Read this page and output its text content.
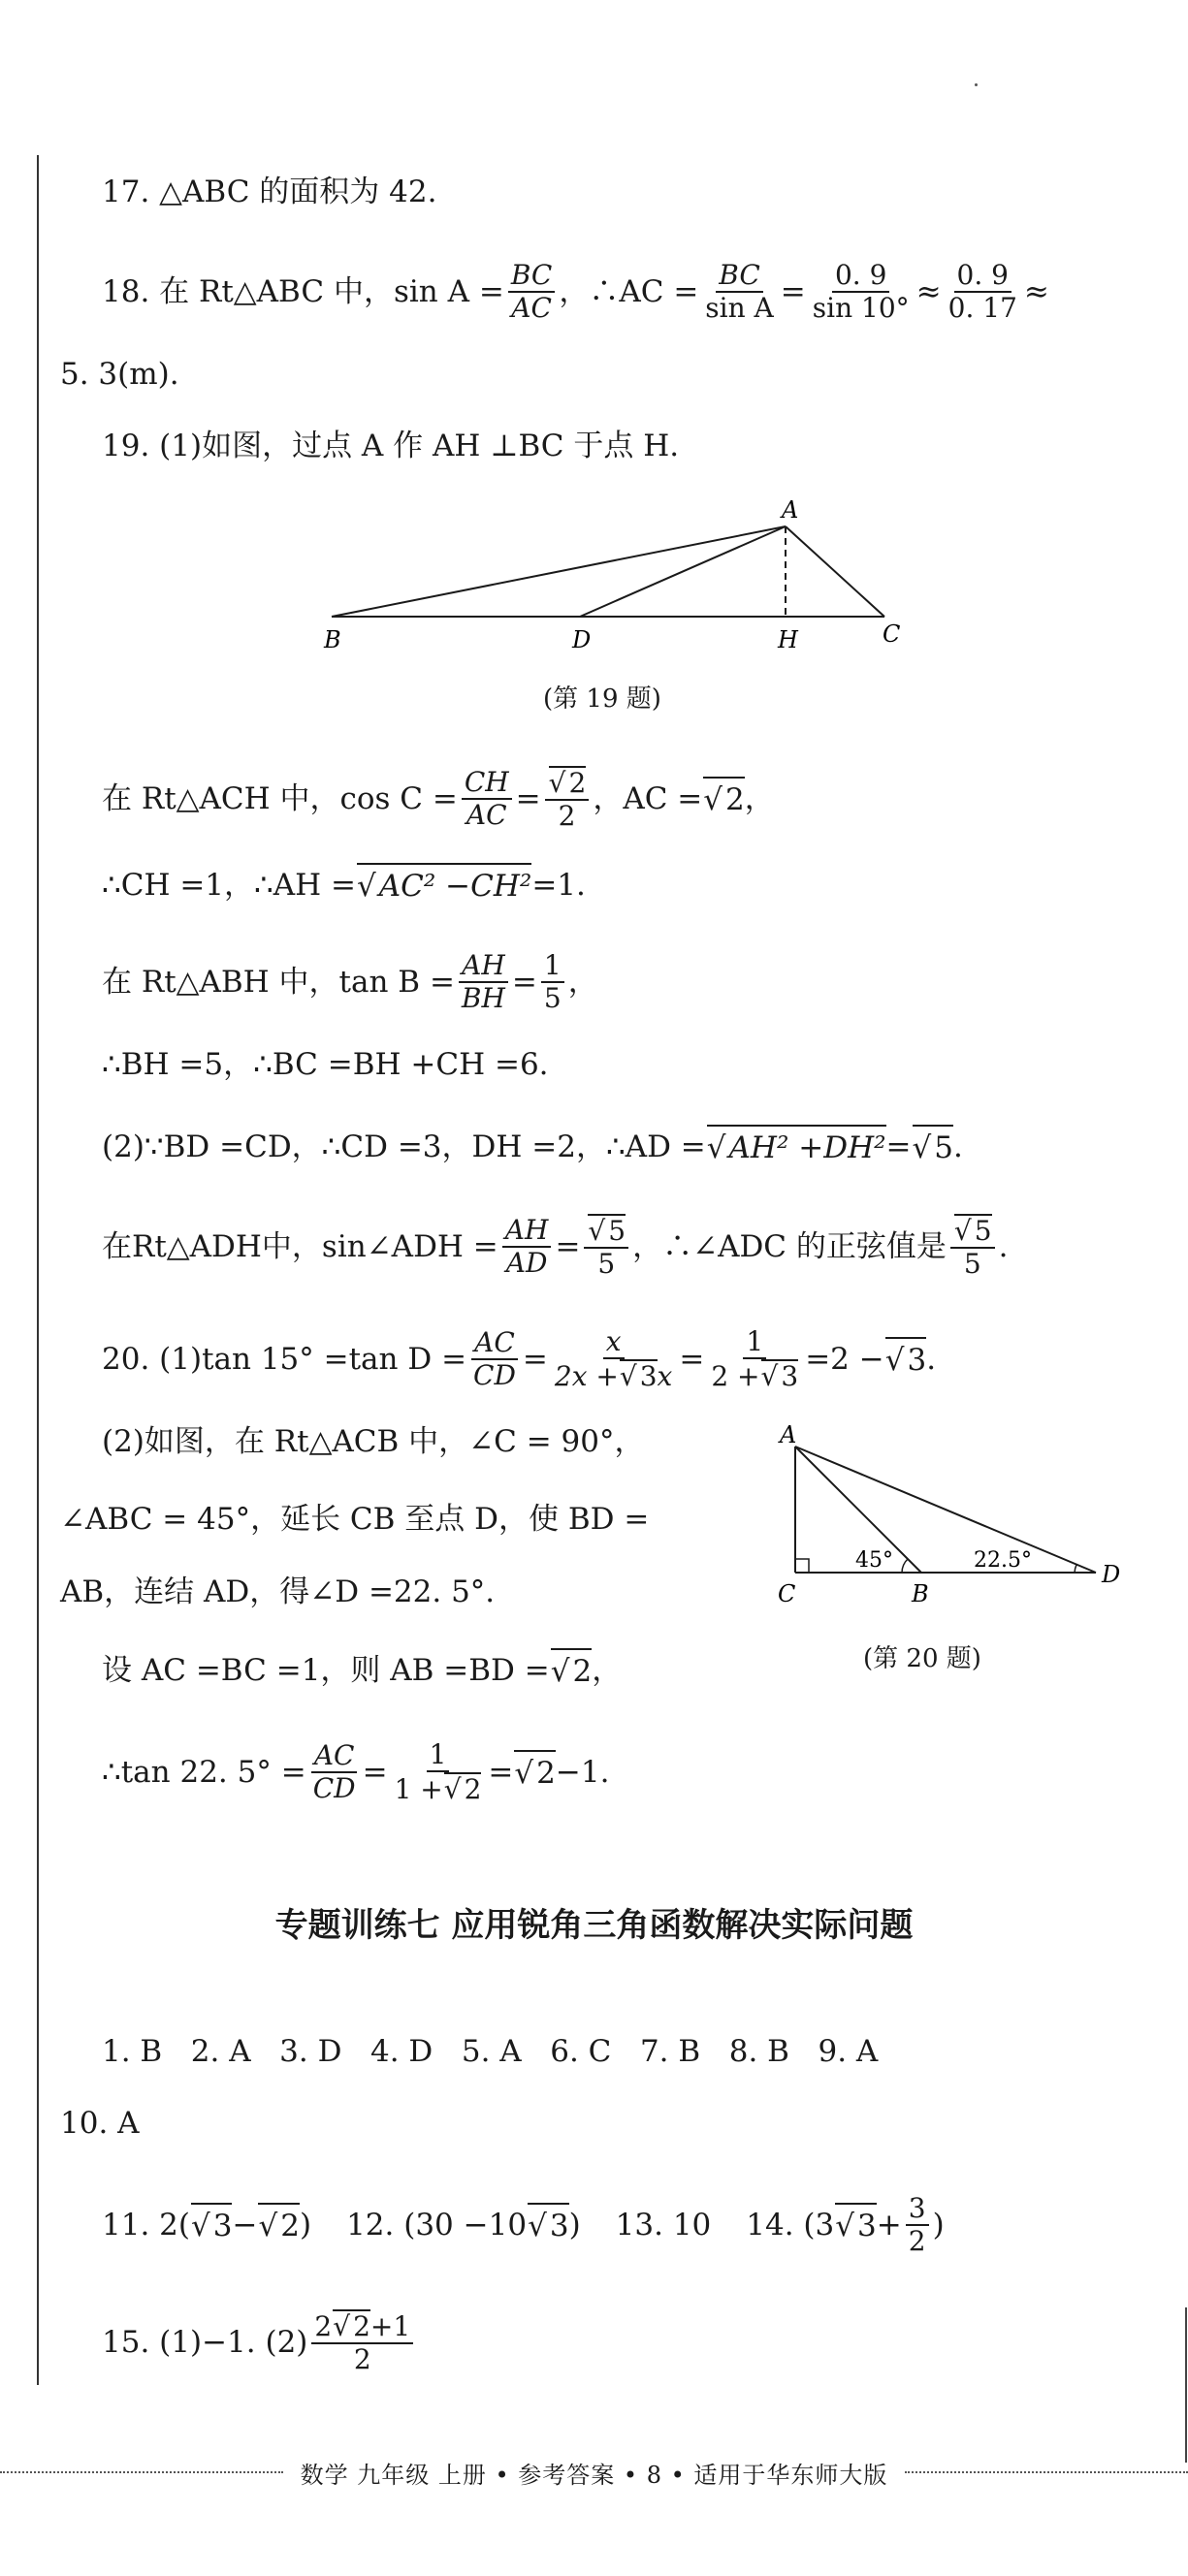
17. △ABC 的面积为 42.
18. 在 Rt△ABC 中，$\sin A = \frac{BC}{AC}$ ，∴AC = $\frac{BC}{\text{sin A}} = \frac{0. 9}{\sin 10^\circ} \approx \frac{0. 9}{0. 17}$ ≈
5. 3(m).
19. (1)如图，过点 A 作 AH ⊥BC 于点 H.
A
B	D	H	C
(第 19 题)
在 Rt△ACH 中，$\cos C = \frac{CH}{AC}$ = √ $\frac{2}{2}$ ，AC = √ 2 ，
∴CH =1，∴AH = √ AC² −CH² =1.
在 Rt△ABH 中，$\tan B = \frac{AH}{BH} = \frac{1}{5}$ ，
∴BH =5，∴BC =BH +CH =6.
(2)∵BD =CD，∴CD =3，DH =2，∴AD = √ AH² +DH² = √ 5 .
在Rt△ADH中，sin∠ADH = $\frac{AH}{AD}$ = √ $\frac{5}{5}$ ，∴∠ADC 的正弦值是 √ $\frac{5}{5}$ .
20. (1)tan 15° =tan $D = \frac{AC}{CD} = \frac{x}{2x + √ 3x} = \frac{1}{2 + √ 3} =2$ − √ 3 .
(2)如图，在 Rt△ACB 中，∠C = 90°，
∠ABC = 45°，延长 CB 至点 D，使 BD =
AB，连结 AD，得∠D =22. 5°.
设 AC =BC =1，则 AB =BD = √ 2 ，
∴tan 22. $5^\circ = \frac{AC}{CD} = \frac{1}{1 + √ 2}$ = √ 2 −1.
A
C	B
D
45°	22.5°
(第 20 题)
专题训练七 应用锐角三角函数解决实际问题
1. B   2. A   3. D   4. D   5. A   6. C   7. B   8. B   9. A
10. A
11. 2( √ 3 − √ 2 ) 12. (30 −10 √ 3 ) 13. 10 14. (3 √ $3 + \frac{3}{2}$ )
15. (1)−1. $(2) \frac{2 √ 2+1}{2}$
数学 九年级 上册 • 参考答案 • 8 • 适用于华东师大版
